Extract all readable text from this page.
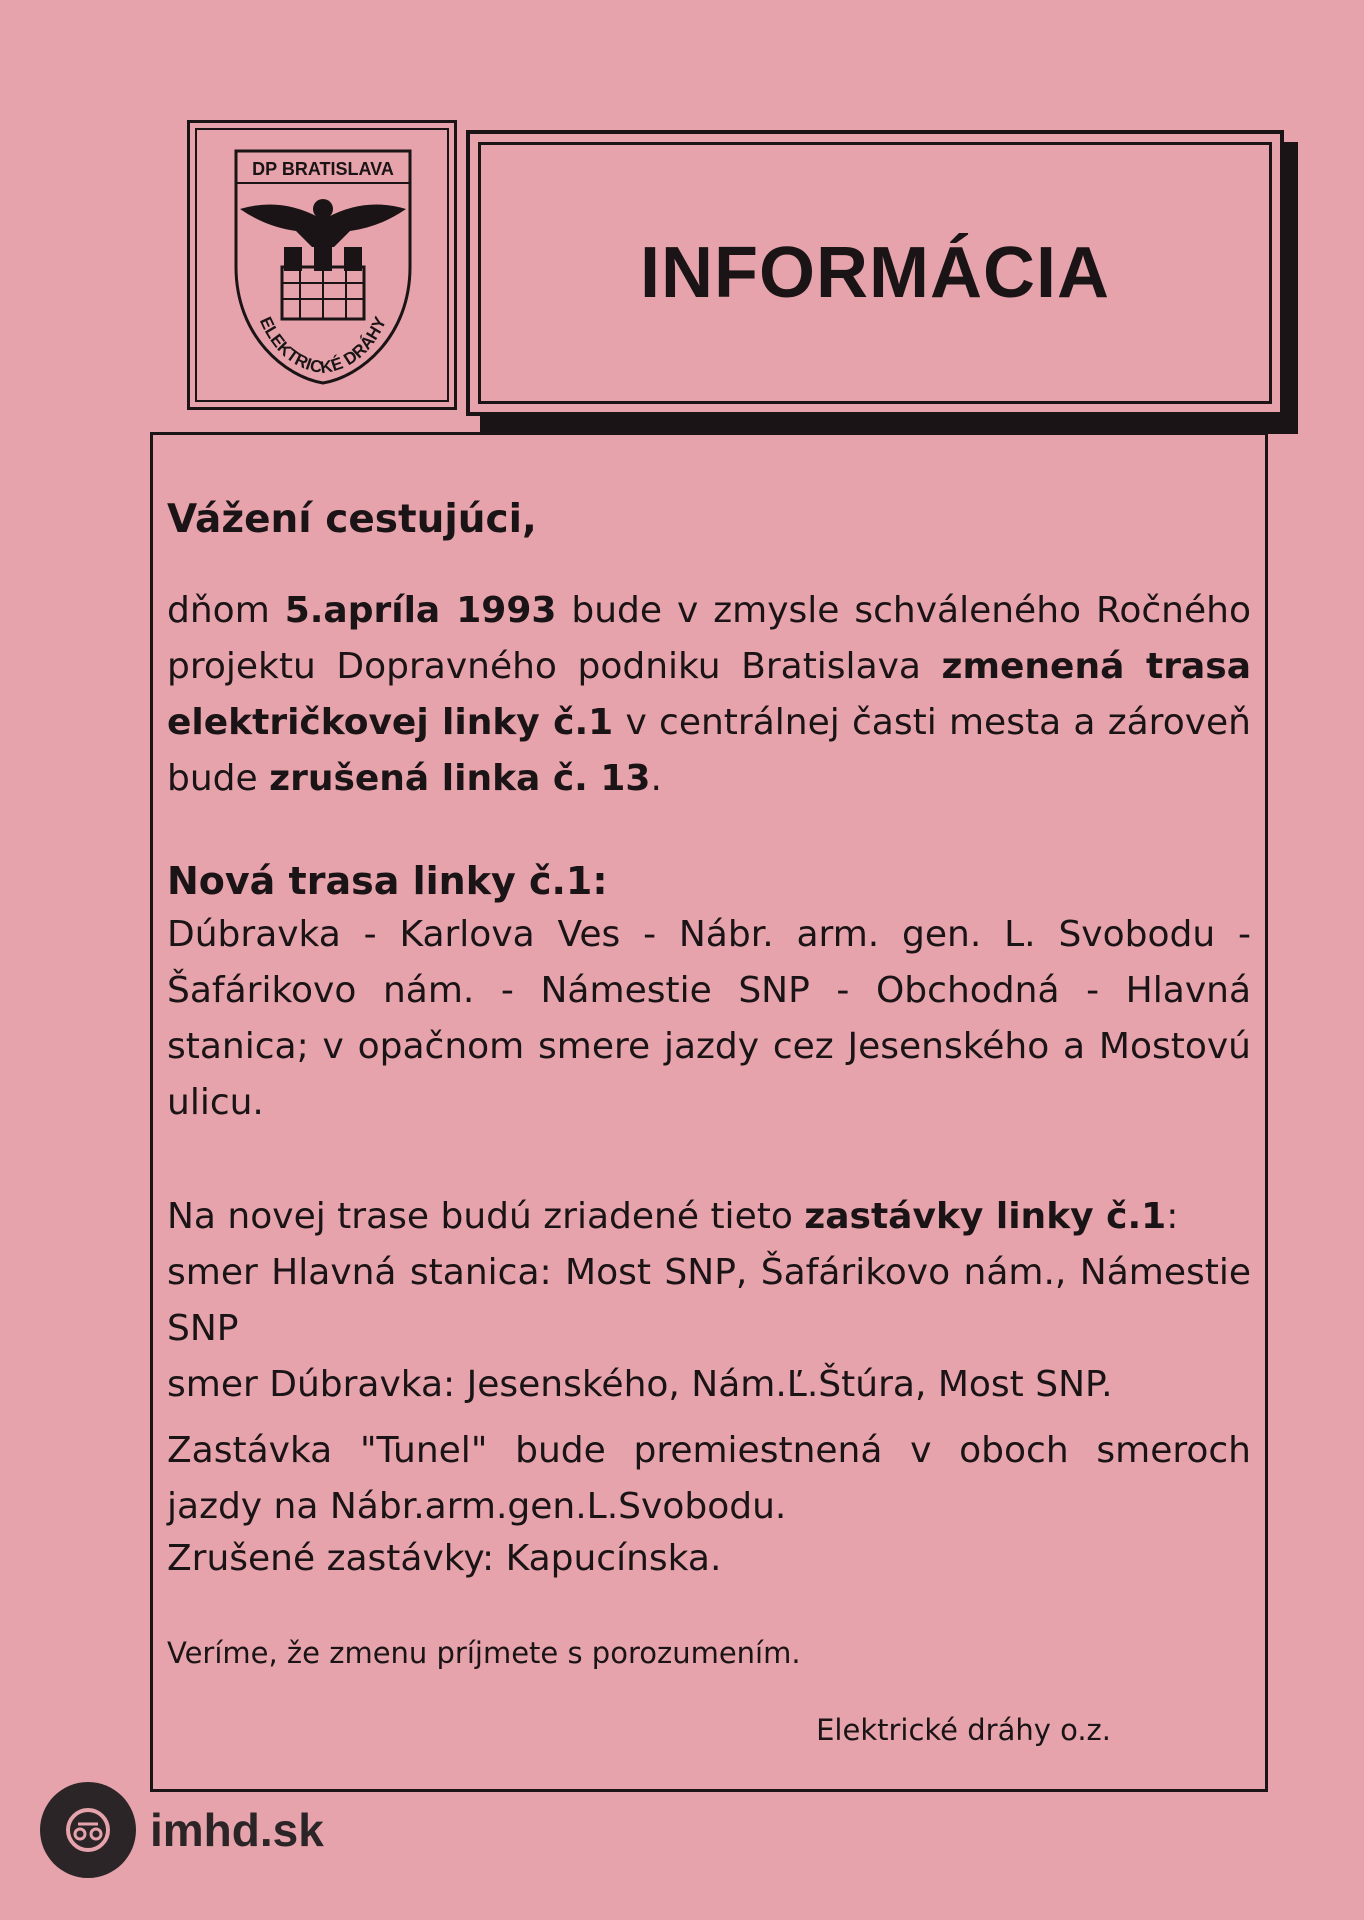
DP BRATISLAVA
ELEKTRICKÉ DRÁHY
INFORMÁCIA

Vážení cestujúci,

dňom 5.apríla 1993 bude v zmysle schváleného Ročného projektu Dopravného podniku Bratislava zmenená trasa električkovej linky č.1 v centrálnej časti mesta a zároveň bude zrušená linka č. 13.

Nová trasa linky č.1:

Dúbravka - Karlova Ves - Nábr. arm. gen. L. Svobodu - Šafárikovo nám. - Námestie SNP - Obchodná - Hlavná stanica; v opačnom smere jazdy cez Jesenského a Mostovú ulicu.

Na novej trase budú zriadené tieto zastávky linky č.1:
smer Hlavná stanica: Most SNP, Šafárikovo nám., Námestie SNP
smer Dúbravka: Jesenského, Nám.Ľ.Štúra, Most SNP.

Zastávka "Tunel" bude premiestnená v oboch smeroch jazdy na Nábr.arm.gen.L.Svobodu.

Zrušené zastávky: Kapucínska.

Veríme, že zmenu príjmete s porozumením.

Elektrické dráhy o.z.

imhd.sk
